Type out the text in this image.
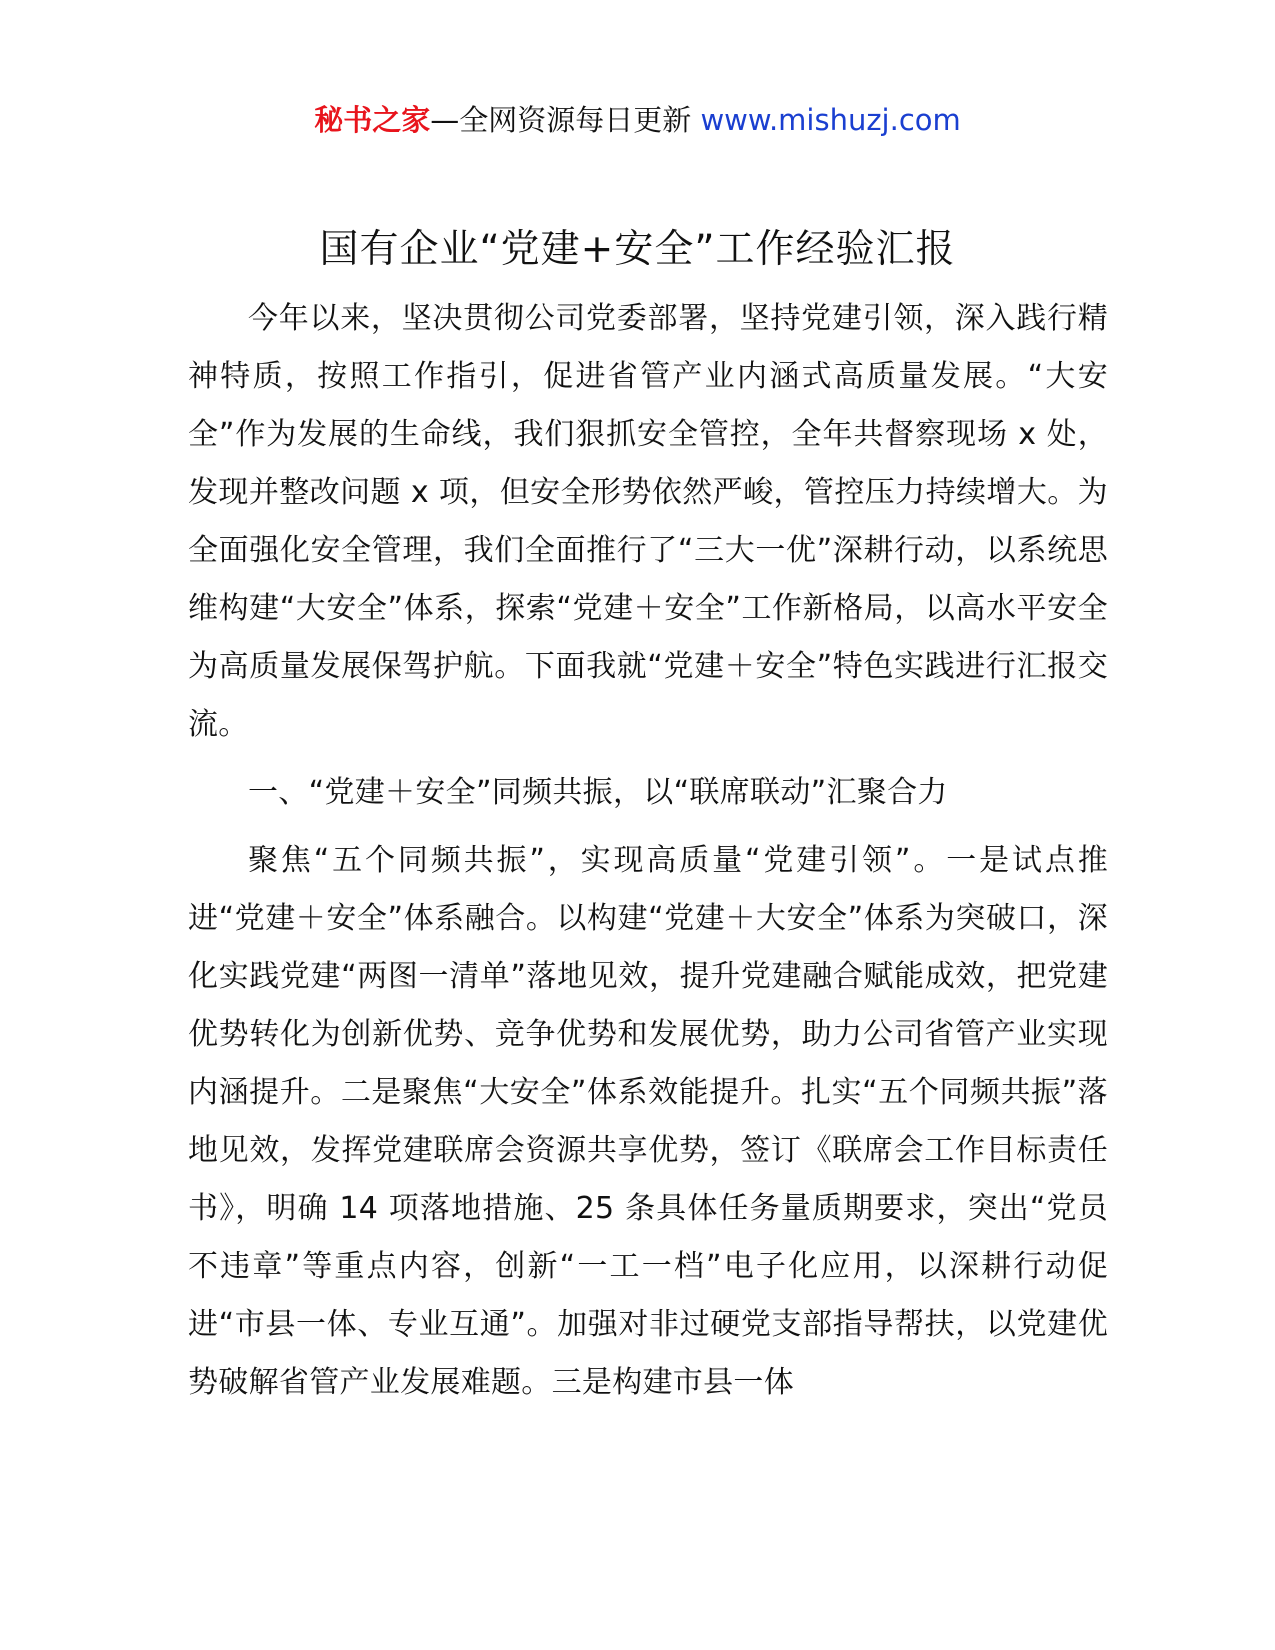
秘书之家—全网资源每日更新 www.mishuzj.com
国有企业“党建+安全”工作经验汇报

今年以来，坚决贯彻公司党委部署，坚持党建引领，深入践行精神特质，按照工作指引，促进省管产业内涵式高质量发展。“大安全”作为发展的生命线，我们狠抓安全管控，全年共督察现场 x 处，发现并整改问题 x 项，但安全形势依然严峻，管控压力持续增大。为全面强化安全管理，我们全面推行了“三大一优”深耕行动，以系统思维构建“大安全”体系，探索“党建＋安全”工作新格局，以高水平安全为高质量发展保驾护航。下面我就“党建＋安全”特色实践进行汇报交流。

一、“党建＋安全”同频共振，以“联席联动”汇聚合力

聚焦“五个同频共振”，实现高质量“党建引领”。一是试点推进“党建＋安全”体系融合。以构建“党建＋大安全”体系为突破口，深化实践党建“两图一清单”落地见效，提升党建融合赋能成效，把党建优势转化为创新优势、竞争优势和发展优势，助力公司省管产业实现内涵提升。二是聚焦“大安全”体系效能提升。扎实“五个同频共振”落地见效，发挥党建联席会资源共享优势，签订《联席会工作目标责任书》，明确 14 项落地措施、25 条具体任务量质期要求，突出“党员不违章”等重点内容，创新“一工一档”电子化应用，以深耕行动促进“市县一体、专业互通”。加强对非过硬党支部指导帮扶，以党建优势破解省管产业发展难题。三是构建市县一体
